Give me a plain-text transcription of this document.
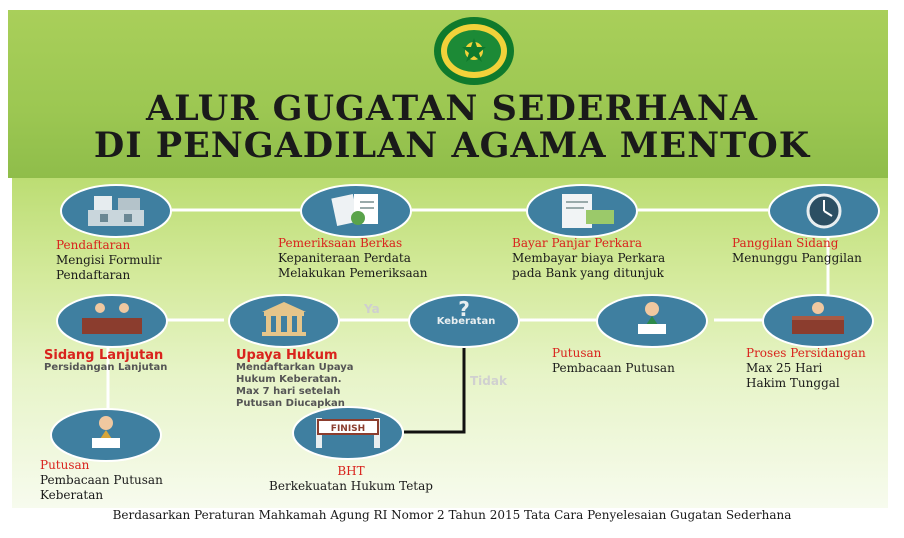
ALUR GUGATAN SEDERHANA
DI PENGADILAN AGAMA MENTOK
?
Keberatan
FINISH
Pendaftaran
Mengisi Formulir
Pendaftaran
Pemeriksaan Berkas
Kepaniteraan Perdata
Melakukan Pemeriksaan
Bayar Panjar Perkara
Membayar biaya Perkara
pada Bank yang ditunjuk
Panggilan Sidang
Menunggu Panggilan
Proses Persidangan
Max 25 Hari
Hakim Tunggal
Putusan
Pembacaan Putusan
Upaya Hukum
Mendaftarkan Upaya
Hukum Keberatan.
Max 7 hari setelah
Putusan Diucapkan
Sidang Lanjutan
Persidangan Lanjutan
Putusan
Pembacaan Putusan
Keberatan
BHT
Berkekuatan Hukum Tetap
Ya
Tidak
Berdasarkan Peraturan Mahkamah Agung RI Nomor 2 Tahun 2015 Tata Cara Penyelesaian Gugatan Sederhana
